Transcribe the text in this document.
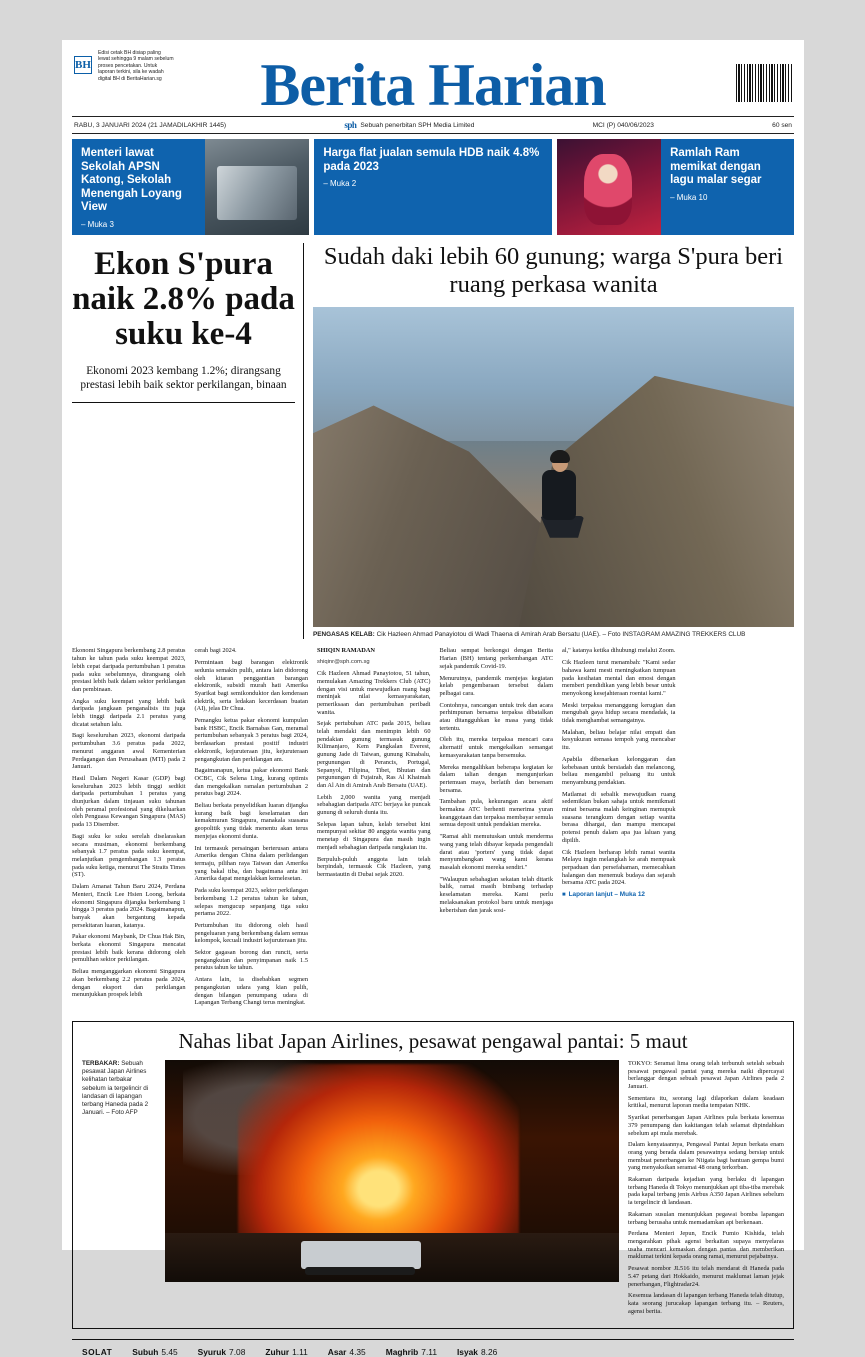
BH
Edisi cetak BH disiap paling lewat sehingga 9 malam sebelum proses pencetakan. Untuk laporan terkini, sila ke wadah digital BH di BeritaHarian.sg	Berita Harian
RABU, 3 JANUARI 2024 (21 JAMADILAKHIR 1445)	sph Sebuah penerbitan SPH Media Limited	MCI (P) 040/06/2023	60 sen
Menteri lawat Sekolah APSN Katong, Sekolah Menengah Loyang View
– Muka 3
Harga flat jualan semula HDB naik 4.8% pada 2023
– Muka 2
Ramlah Ram memikat dengan lagu malar segar
– Muka 10
Ekon S'pura naik 2.8% pada suku ke-4
Ekonomi 2023 kembang 1.2%; dirangsang prestasi lebih baik sektor perkilangan, binaan
Sudah daki lebih 60 gunung; warga S'pura beri ruang perkasa wanita
PENGASAS KELAB: Cik Hazleen Ahmad Panayiotou di Wadi Thaena di Amirah Arab Bersatu (UAE). – Foto INSTAGRAM AMAZING TREKKERS CLUB

Ekonomi Singapura berkembang 2.8 peratus tahun ke tahun pada suku keempat 2023, lebih cepat daripada pertumbuhan 1 peratus pada suku sebelumnya, dirangsang oleh prestasi lebih baik dalam sektor perkilangan dan pembinaan.

Angka suku keempat yang lebih baik daripada jangkaan penganalisis itu juga lebih tinggi daripada 2.1 peratus yang dicatat setahun lalu.

Bagi keseluruhan 2023, ekonomi daripada pertumbuhan 3.6 peratus pada 2022, menurut anggaran awal Kementerian Perdagangan dan Perusahaan (MTI) pada 2 Januari.

Hasil Dalam Negeri Kasar (GDP) bagi keseluruhan 2023 lebih tinggi sedikit daripada pertumbuhan 1 peratus yang diunjurkan dalam tinjauan suku tahunan oleh peramal profesional yang dikeluarkan oleh Penguasa Kewangan Singapura (MAS) pada 13 Disember.

Bagi suku ke suku serelah diselaraskan secara musiman, ekonomi berkembang sebanyak 1.7 peratus pada suku keempat, melanjutkan pengembangan 1.3 peratus pada suku ketiga, menurut The Straits Times (ST).

Dalam Amanat Tahun Baru 2024, Perdana Menteri, Encik Lee Hsien Loong, berkata ekonomi Singapura dijangka berkembang 1 hingga 3 peratus pada 2024. Bagaimanapun, banyak akan bergantung kepada persekitaran luaran, katanya.

Pakar ekonomi Maybank, Dr Chua Hak Bin, berkata ekonomi Singapura mencatat prestasi lebih baik kerana didorong oleh pemulihan sektor perkilangan.

Beliau menganggarkan ekonomi Singapura akan berkembang 2.2 peratus pada 2024, dengan eksport dan perkilangan menunjukkan prospek lebih

cerah bagi 2024.

Permintaan bagi barangan elektronik sedunia semakin pulih, antara lain didorong oleh kitaran penggantian barangan elektronik, subsidi murah hati Amerika Syarikat bagi semikonduktor dan kenderaan elektrik, serta ledakan kecerdasan buatan (AI), jelas Dr Chua.

Pemangku ketua pakar ekonomi kumpulan bank HSBC, Encik Barnabas Gan, meramal pertumbuhan sebanyak 3 peratus bagi 2024, berdasarkan prestasi positif industri elektronik, kejuruteraan jitu, kejuruteraan pengangkutan dan perkilangan am.

Bagaimanapun, ketua pakar ekonomi Bank OCBC, Cik Selena Ling, kurang optimis dan mengekalkan ramalan pertumbuhan 2 peratus bagi 2024.

Beliau berkata penyelidikan luaran dijangka kurang baik bagi keselamatan dan kemakmuran Singapura, manakala suasana geopolitik yang tidak menentu akan terus menjejas ekonomi dunia.

Ini termasuk persaingan berterusan antara Amerika dengan China dalam perlidangan termaju, pilihan raya Taiwan dan Amerika yang bakal tiba, dan bagaimana anta ini Amerika dapat mengelakkan kemelesetan.

Pada suku keempat 2023, sektor perkilangan berkembang 1.2 peratus tahun ke tahun, selepas mengucup sepanjang tiga suku pertama 2022.

Pertumbuhan itu didorong oleh hasil pengeluaran yang berkembang dalam semua kelompok, kecuali industri kejuruteraan jitu.

Sektor gagasan borong dan runcit, serta pengangkutan dan penyimpanan naik 1.5 peratus tahun ke tahun.

Antara lain, ia disebabkan segmen pengangkutan udara yang kian pulih, dengan bilangan penumpang udara di Lapangan Terbang Changi terus meningkat.

SHIQIN RAMADAN
shiqinr@sph.com.sg

Cik Hazleen Ahmad Panayiotou, 51 tahun, memulakan Amazing Trekkers Club (ATC) dengan visi untuk mewujudkan ruang bagi meninjak nilai kemasyarakatan, pemeriksaan dan pertumbuhan peribadi wanita.

Sejak pertubuhan ATC pada 2015, beliau telah mendaki dan menimpin lebih 60 pendakian gunung termasuk gunung Kilimanjaro, Kem Pangkalan Everest, gunung Jade di Taiwan, gunung Kinabalu, pergunungan di Perancis, Portugal, Sepanyol, Filipina, Tibet, Bhutan dan pergunungan di Fujairah, Ras Al Khaimah dan Al Ain di Amirah Arab Bersatu (UAE).

Lebih 2,000 wanita yang menjadi sebahagian daripada ATC berjaya ke puncak gunung di seluruh dunia itu.

Selepas lapan tahun, kelab tersebut kini mempunyai sekitar 80 anggota wanita yang menetap di Singapura dan masih ingin menjadi sebahagian daripada rangkaian itu.

Berpuluh-puluh anggota lain telah berpindah, termasuk Cik Hazleen, yang bermastautin di Dubai sejak 2020.

Beliau sempat berkongsi dengan Berita Harian (BH) tentang perkembangan ATC sejak pandemik Covid-19.

Menurutnya, pandemik menjejas kegiatan kelab pengembaraan tersebut dalam pelbagai cara.

Contohnya, rancangan untuk trek dan acara perhimpunan bersama terpaksa dibatalkan atau ditangguhkan ke masa yang tidak tertentu.

Oleh itu, mereka terpaksa mencari cara alternatif untuk mengekalkan semangat kemasyarakatan tanpa bersemuka.

Mereka mengalihkan beberapa kegiatan ke dalam talian dengan mengunjurkan pertemuan maya, berlatih dan bersenam bersama.

Tambahan pula, kekurangan acara aktif bermakna ATC berhenti menerima yuran keanggotaan dan terpaksa membayar semula semua deposit untuk pendakian mereka.

"Ramai ahli memutuskan untuk menderma wang yang telah dibayar kepada pengendali darat atau 'porters' yang tidak dapat menyumbangkan wang kami kerana masalah ekonomi mereka sendiri."

"Walaupun sebahagian sekatan telah ditarik balik, ramai masih bimbang terhadap keselamatan mereka. Kami perlu melaksanakan protokol baru untuk menjaga keberishan dan jarak sosi-

al," katanya ketika dihubungi melalui Zoom.

Cik Hazleen turut menambah: "Kami sedar bahawa kami mesti meningkatkan tumpuan pada kesihatan mental dan emosi dengan memberi pendidikan yang lebih besar untuk menyokong kesejahteraan roentai kami."

Meski terpaksa menanggung kerugian dan mengubah gaya hidup secara mendadak, ia tidak menghambat semangatnya.

Malahan, beliau belajar nilai empati dan kesyukuran semasa tempoh yang mencabar itu.

Apabila dibenarkan kelonggaran dan kebebasan untuk bersiadah dan melancong, beliau mengambil peluang itu untuk menyambung pendakian.

Matlamat di sebalik mewujudkan ruang sedemikian bukan sahaja untuk memikmati minat bersama malah keinginan memupuk suasana terangkum dengan setiap wanita berasa dihargai, dan mampu mencapai potensi penuh dalam apa jua laluan yang dipilih.

Cik Hazleen berharap lebih ramai wanita Melayu ingin melangkah ke arah mempuak perpaduan dan persefahaman, memecahkan halangan dan menemuk budaya dan sejarah bersama ATC pada 2024.

■ Laporan lanjut – Muka 12
Nahas libat Japan Airlines, pesawat pengawal pantai: 5 maut
TERBAKAR: Sebuah pesawat Japan Airlines kelihatan terbakar sebelum ia tergelincir di landasan di lapangan terbang Haneda pada 2 Januari. – Foto AFP

TOKYO: Seramai lima orang telah terbunuh setelah sebuah pesawat pengawal pantai yang mereka naiki dipercayai berlanggar dengan sebuah pesawat Japan Airlines pada 2 Januari.

Sementara itu, seorang lagi dilaporkan dalam keadaan kritikal, menurut laporan media tempatan NHK.

Syarikat penerbangan Japan Airlines pula berkata kesemua 379 penumpang dan kakitangan telah selamat dipindahkan sebelum api mula merebak.

Dalam kenyataannya, Pengawal Pantai Jepun berkata enam orang yang berada dalam pesawatnya sedang bersiap untuk membuat penerbangan ke Niigata bagi bantuan gempa bumi yang menyaksikan seramai 48 orang terkorban.

Rakaman daripada kejadian yang berlaku di lapangan terbang Haneda di Tokyo menunjukkan api tiba-tiba merebak pada kapal terbang jenis Airbus A350 Japan Airlines sebelum ia tergelincir di landasan.

Rakaman susulan menunjukkan pegawai bomba lapangan terbang berusaha untuk memadamkan api berkenaan.

Perdana Menteri Jepun, Encik Fumio Kishida, telah mengarahkan pihak agensi berkaitan supaya menyelaras usaha mencari kemaskan dengan pantas dan memberikan maklumat terkini kepada orang ramai, menurut pejabatnya.

Pesawat nombor JL516 itu telah mendarat di Haneda pada 5.47 petang dari Hokkaido, menurut maklumat laman jejak penerbangan, Flightradar24.

Kesemua landasan di lapangan terbang Haneda telah ditutup, kata seorang jurucakap lapangan terbang itu. – Reuters, agensi berita.

SOLAT Subuh 5.45 Syuruk 7.08 Zuhur 1.11 Asar 4.35 Maghrib 7.11 Isyak 8.26
